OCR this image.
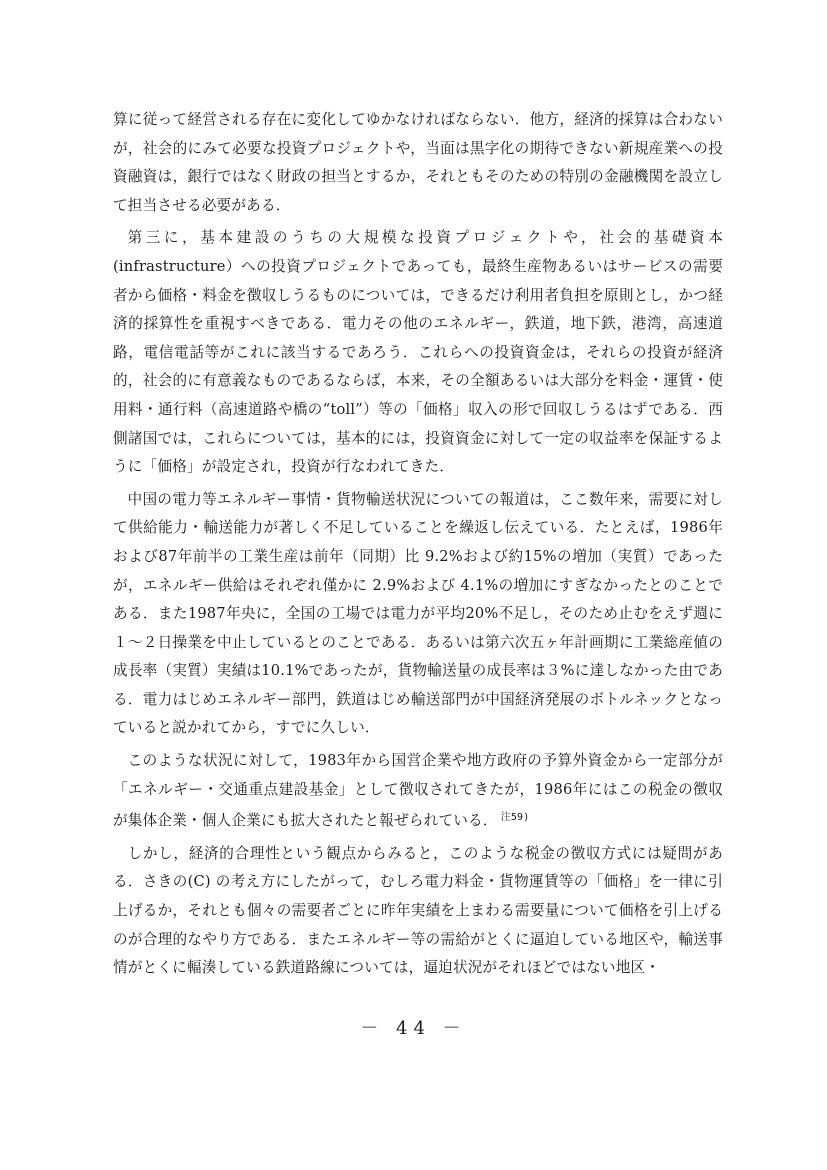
算に従って経営される存在に変化してゆかなければならない．他方，経済的採算は合わないが，社会的にみて必要な投資プロジェクトや，当面は黒字化の期待できない新規産業への投資融資は，銀行ではなく財政の担当とするか，それともそのための特別の金融機関を設立して担当させる必要がある．

第三に，基本建設のうちの大規模な投資プロジェクトや，社会的基礎資本(infrastructure）への投資プロジェクトであっても，最終生産物あるいはサービスの需要者から価格・料金を徴収しうるものについては，できるだけ利用者負担を原則とし，かつ経済的採算性を重視すべきである．電力その他のエネルギー，鉄道，地下鉄，港湾，高速道路，電信電話等がこれに該当するであろう．これらへの投資資金は，それらの投資が経済的，社会的に有意義なものであるならば，本来，その全額あるいは大部分を料金・運賃・使用料・通行料（高速道路や橋の“toll”）等の「価格」収入の形で回収しうるはずである．西側諸国では，これらについては，基本的には，投資資金に対して一定の収益率を保証するように「価格」が設定され，投資が行なわれてきた．

中国の電力等エネルギー事情・貨物輸送状況についての報道は，ここ数年来，需要に対して供給能力・輸送能力が著しく不足していることを繰返し伝えている．たとえば，1986年および87年前半の工業生産は前年（同期）比 9.2%および約15%の増加（実質）であったが，エネルギー供給はそれぞれ僅かに 2.9%および 4.1%の増加にすぎなかったとのことである．また1987年央に，全国の工場では電力が平均20%不足し，そのため止むをえず週に１～２日操業を中止しているとのことである．あるいは第六次五ヶ年計画期に工業総産値の成長率（実質）実績は10.1%であったが，貨物輸送量の成長率は３%に達しなかった由である．電力はじめエネルギー部門，鉄道はじめ輸送部門が中国経済発展のボトルネックとなっていると説かれてから，すでに久しい．

このような状況に対して，1983年から国営企業や地方政府の予算外資金から一定部分が「エネルギー・交通重点建設基金」として徴収されてきたが，1986年にはこの税金の徴収が集体企業・個人企業にも拡大されたと報ぜられている． $^{注59)}$

しかし，経済的合理性という観点からみると，このような税金の徴収方式には疑問がある．さきの(C) の考え方にしたがって，むしろ電力料金・貨物運賃等の「価格」を一律に引上げるか，それとも個々の需要者ごとに昨年実績を上まわる需要量について価格を引上げるのが合理的なやり方である．またエネルギー等の需給がとくに逼迫している地区や，輸送事情がとくに輻湊している鉄道路線については，逼迫状況がそれほどではない地区・

－ 44 －
